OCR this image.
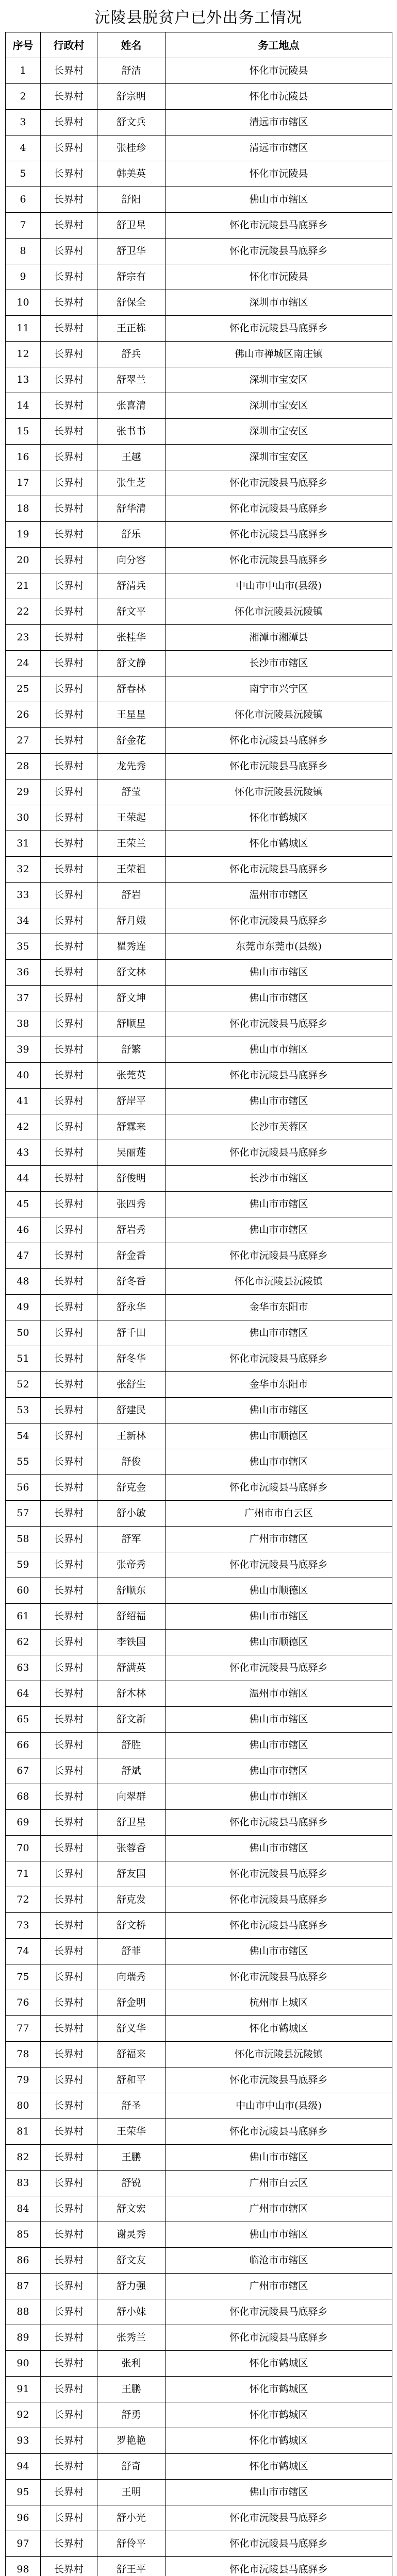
沅陵县脱贫户已外出务工情况
序号	行政村	姓名	务工地点
1	长界村	舒洁	怀化市沅陵县
2	长界村	舒宗明	怀化市沅陵县
3	长界村	舒文兵	清远市市辖区
4	长界村	张桂珍	清远市市辖区
5	长界村	韩美英	怀化市沅陵县
6	长界村	舒阳	佛山市市辖区
7	长界村	舒卫星	怀化市沅陵县马底驿乡
8	长界村	舒卫华	怀化市沅陵县马底驿乡
9	长界村	舒宗有	怀化市沅陵县
10	长界村	舒保全	深圳市市辖区
11	长界村	王正栋	怀化市沅陵县马底驿乡
12	长界村	舒兵	佛山市禅城区南庄镇
13	长界村	舒翠兰	深圳市宝安区
14	长界村	张喜清	深圳市宝安区
15	长界村	张书书	深圳市宝安区
16	长界村	王越	深圳市宝安区
17	长界村	张生芝	怀化市沅陵县马底驿乡
18	长界村	舒华清	怀化市沅陵县马底驿乡
19	长界村	舒乐	怀化市沅陵县马底驿乡
20	长界村	向分容	怀化市沅陵县马底驿乡
21	长界村	舒清兵	中山市中山市(县级)
22	长界村	舒文平	怀化市沅陵县沅陵镇
23	长界村	张桂华	湘潭市湘潭县
24	长界村	舒文静	长沙市市辖区
25	长界村	舒春林	南宁市兴宁区
26	长界村	王星星	怀化市沅陵县沅陵镇
27	长界村	舒金花	怀化市沅陵县马底驿乡
28	长界村	龙先秀	怀化市沅陵县马底驿乡
29	长界村	舒莹	怀化市沅陵县沅陵镇
30	长界村	王荣起	怀化市鹤城区
31	长界村	王荣兰	怀化市鹤城区
32	长界村	王荣祖	怀化市沅陵县马底驿乡
33	长界村	舒岩	温州市市辖区
34	长界村	舒月娥	怀化市沅陵县马底驿乡
35	长界村	瞿秀连	东莞市东莞市(县级)
36	长界村	舒文林	佛山市市辖区
37	长界村	舒文坤	佛山市市辖区
38	长界村	舒顺星	怀化市沅陵县马底驿乡
39	长界村	舒繁	佛山市市辖区
40	长界村	张莞英	怀化市沅陵县马底驿乡
41	长界村	舒岸平	佛山市市辖区
42	长界村	舒霖来	长沙市芙蓉区
43	长界村	吴丽莲	怀化市沅陵县马底驿乡
44	长界村	舒俊明	长沙市市辖区
45	长界村	张四秀	佛山市市辖区
46	长界村	舒岩秀	佛山市市辖区
47	长界村	舒金香	怀化市沅陵县马底驿乡
48	长界村	舒冬香	怀化市沅陵县沅陵镇
49	长界村	舒永华	金华市东阳市
50	长界村	舒千田	佛山市市辖区
51	长界村	舒冬华	怀化市沅陵县马底驿乡
52	长界村	张舒生	金华市东阳市
53	长界村	舒建民	佛山市市辖区
54	长界村	王新林	佛山市顺德区
55	长界村	舒俊	佛山市市辖区
56	长界村	舒克金	怀化市沅陵县马底驿乡
57	长界村	舒小敏	广州市市白云区
58	长界村	舒军	广州市市辖区
59	长界村	张帝秀	怀化市沅陵县马底驿乡
60	长界村	舒顺东	佛山市顺德区
61	长界村	舒绍福	佛山市市辖区
62	长界村	李铁国	佛山市顺德区
63	长界村	舒满英	怀化市沅陵县马底驿乡
64	长界村	舒木林	温州市市辖区
65	长界村	舒文新	佛山市市辖区
66	长界村	舒胜	佛山市市辖区
67	长界村	舒斌	佛山市市辖区
68	长界村	向翠群	佛山市市辖区
69	长界村	舒卫星	怀化市沅陵县马底驿乡
70	长界村	张蓉香	佛山市市辖区
71	长界村	舒友国	怀化市沅陵县马底驿乡
72	长界村	舒克发	怀化市沅陵县马底驿乡
73	长界村	舒文桥	怀化市沅陵县马底驿乡
74	长界村	舒菲	佛山市市辖区
75	长界村	向瑞秀	怀化市沅陵县马底驿乡
76	长界村	舒金明	杭州市上城区
77	长界村	舒义华	怀化市鹤城区
78	长界村	舒福来	怀化市沅陵县沅陵镇
79	长界村	舒和平	怀化市沅陵县马底驿乡
80	长界村	舒圣	中山市中山市(县级)
81	长界村	王荣华	怀化市沅陵县马底驿乡
82	长界村	王鹏	佛山市市辖区
83	长界村	舒锐	广州市白云区
84	长界村	舒文宏	广州市市辖区
85	长界村	谢灵秀	佛山市市辖区
86	长界村	舒文友	临沧市市辖区
87	长界村	舒力强	广州市市辖区
88	长界村	舒小妹	怀化市沅陵县马底驿乡
89	长界村	张秀兰	怀化市沅陵县马底驿乡
90	长界村	张利	怀化市鹤城区
91	长界村	王鹏	怀化市鹤城区
92	长界村	舒勇	怀化市鹤城区
93	长界村	罗艳艳	怀化市鹤城区
94	长界村	舒奇	怀化市鹤城区
95	长界村	王明	佛山市市辖区
96	长界村	舒小光	怀化市沅陵县马底驿乡
97	长界村	舒伶平	怀化市沅陵县马底驿乡
98	长界村	舒王平	怀化市沅陵县马底驿乡
